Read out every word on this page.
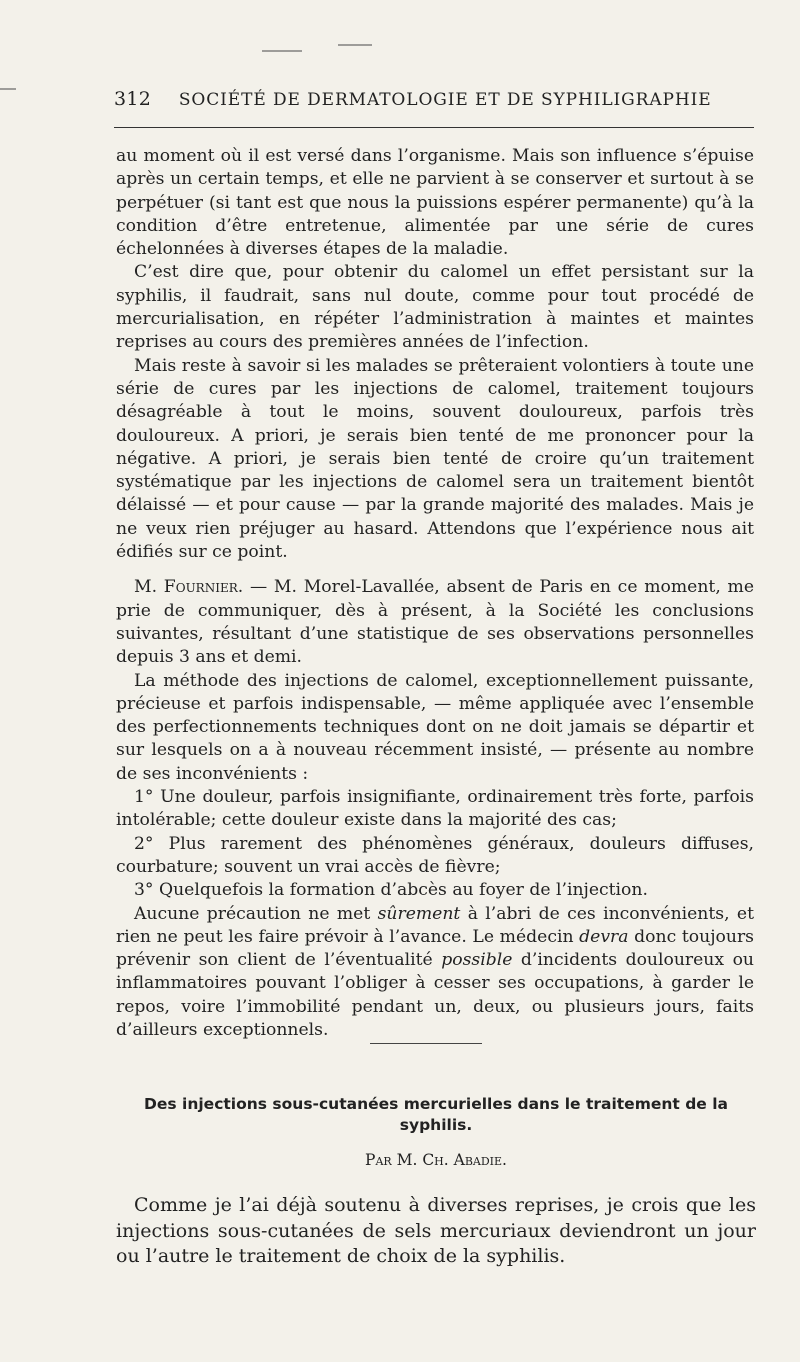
312 SOCIÉTÉ DE DERMATOLOGIE ET DE SYPHILIGRAPHIE

au moment où il est versé dans l’organisme. Mais son influence s’épuise après un certain temps, et elle ne parvient à se conserver et surtout à se perpétuer (si tant est que nous la puissions espérer permanente) qu’à la condition d’être entretenue, alimentée par une série de cures échelonnées à diverses étapes de la maladie.

C’est dire que, pour obtenir du calomel un effet persistant sur la syphilis, il faudrait, sans nul doute, comme pour tout procédé de mercurialisation, en répéter l’administration à maintes et maintes reprises au cours des premières années de l’infection.

Mais reste à savoir si les malades se prêteraient volontiers à toute une série de cures par les injections de calomel, traitement toujours désagréable à tout le moins, souvent douloureux, parfois très douloureux. A priori, je serais bien tenté de me prononcer pour la négative. A priori, je serais bien tenté de croire qu’un traitement systématique par les injections de calomel sera un traitement bientôt délaissé — et pour cause — par la grande majorité des malades. Mais je ne veux rien préjuger au hasard. Attendons que l’expérience nous ait édifiés sur ce point.

M. Fournier. — M. Morel-Lavallée, absent de Paris en ce moment, me prie de communiquer, dès à présent, à la Société les conclusions suivantes, résultant d’une statistique de ses observations personnelles depuis 3 ans et demi.

La méthode des injections de calomel, exceptionnellement puissante, précieuse et parfois indispensable, — même appliquée avec l’ensemble des perfectionnements techniques dont on ne doit jamais se départir et sur lesquels on a à nouveau récemment insisté, — présente au nombre de ses inconvénients :

1° Une douleur, parfois insignifiante, ordinairement très forte, parfois intolérable; cette douleur existe dans la majorité des cas;

2° Plus rarement des phénomènes généraux, douleurs diffuses, courbature; souvent un vrai accès de fièvre;

3° Quelquefois la formation d’abcès au foyer de l’injection.

Aucune précaution ne met sûrement à l’abri de ces inconvénients, et rien ne peut les faire prévoir à l’avance. Le médecin devra donc toujours prévenir son client de l’éventualité possible d’incidents douloureux ou inflammatoires pouvant l’obliger à cesser ses occupations, à garder le repos, voire l’immobilité pendant un, deux, ou plusieurs jours, faits d’ailleurs exceptionnels.

Des injections sous-cutanées mercurielles dans le traitement de la syphilis.
Par M. Ch. Abadie.

Comme je l’ai déjà soutenu à diverses reprises, je crois que les injections sous-cutanées de sels mercuriaux deviendront un jour ou l’autre le traitement de choix de la syphilis.
